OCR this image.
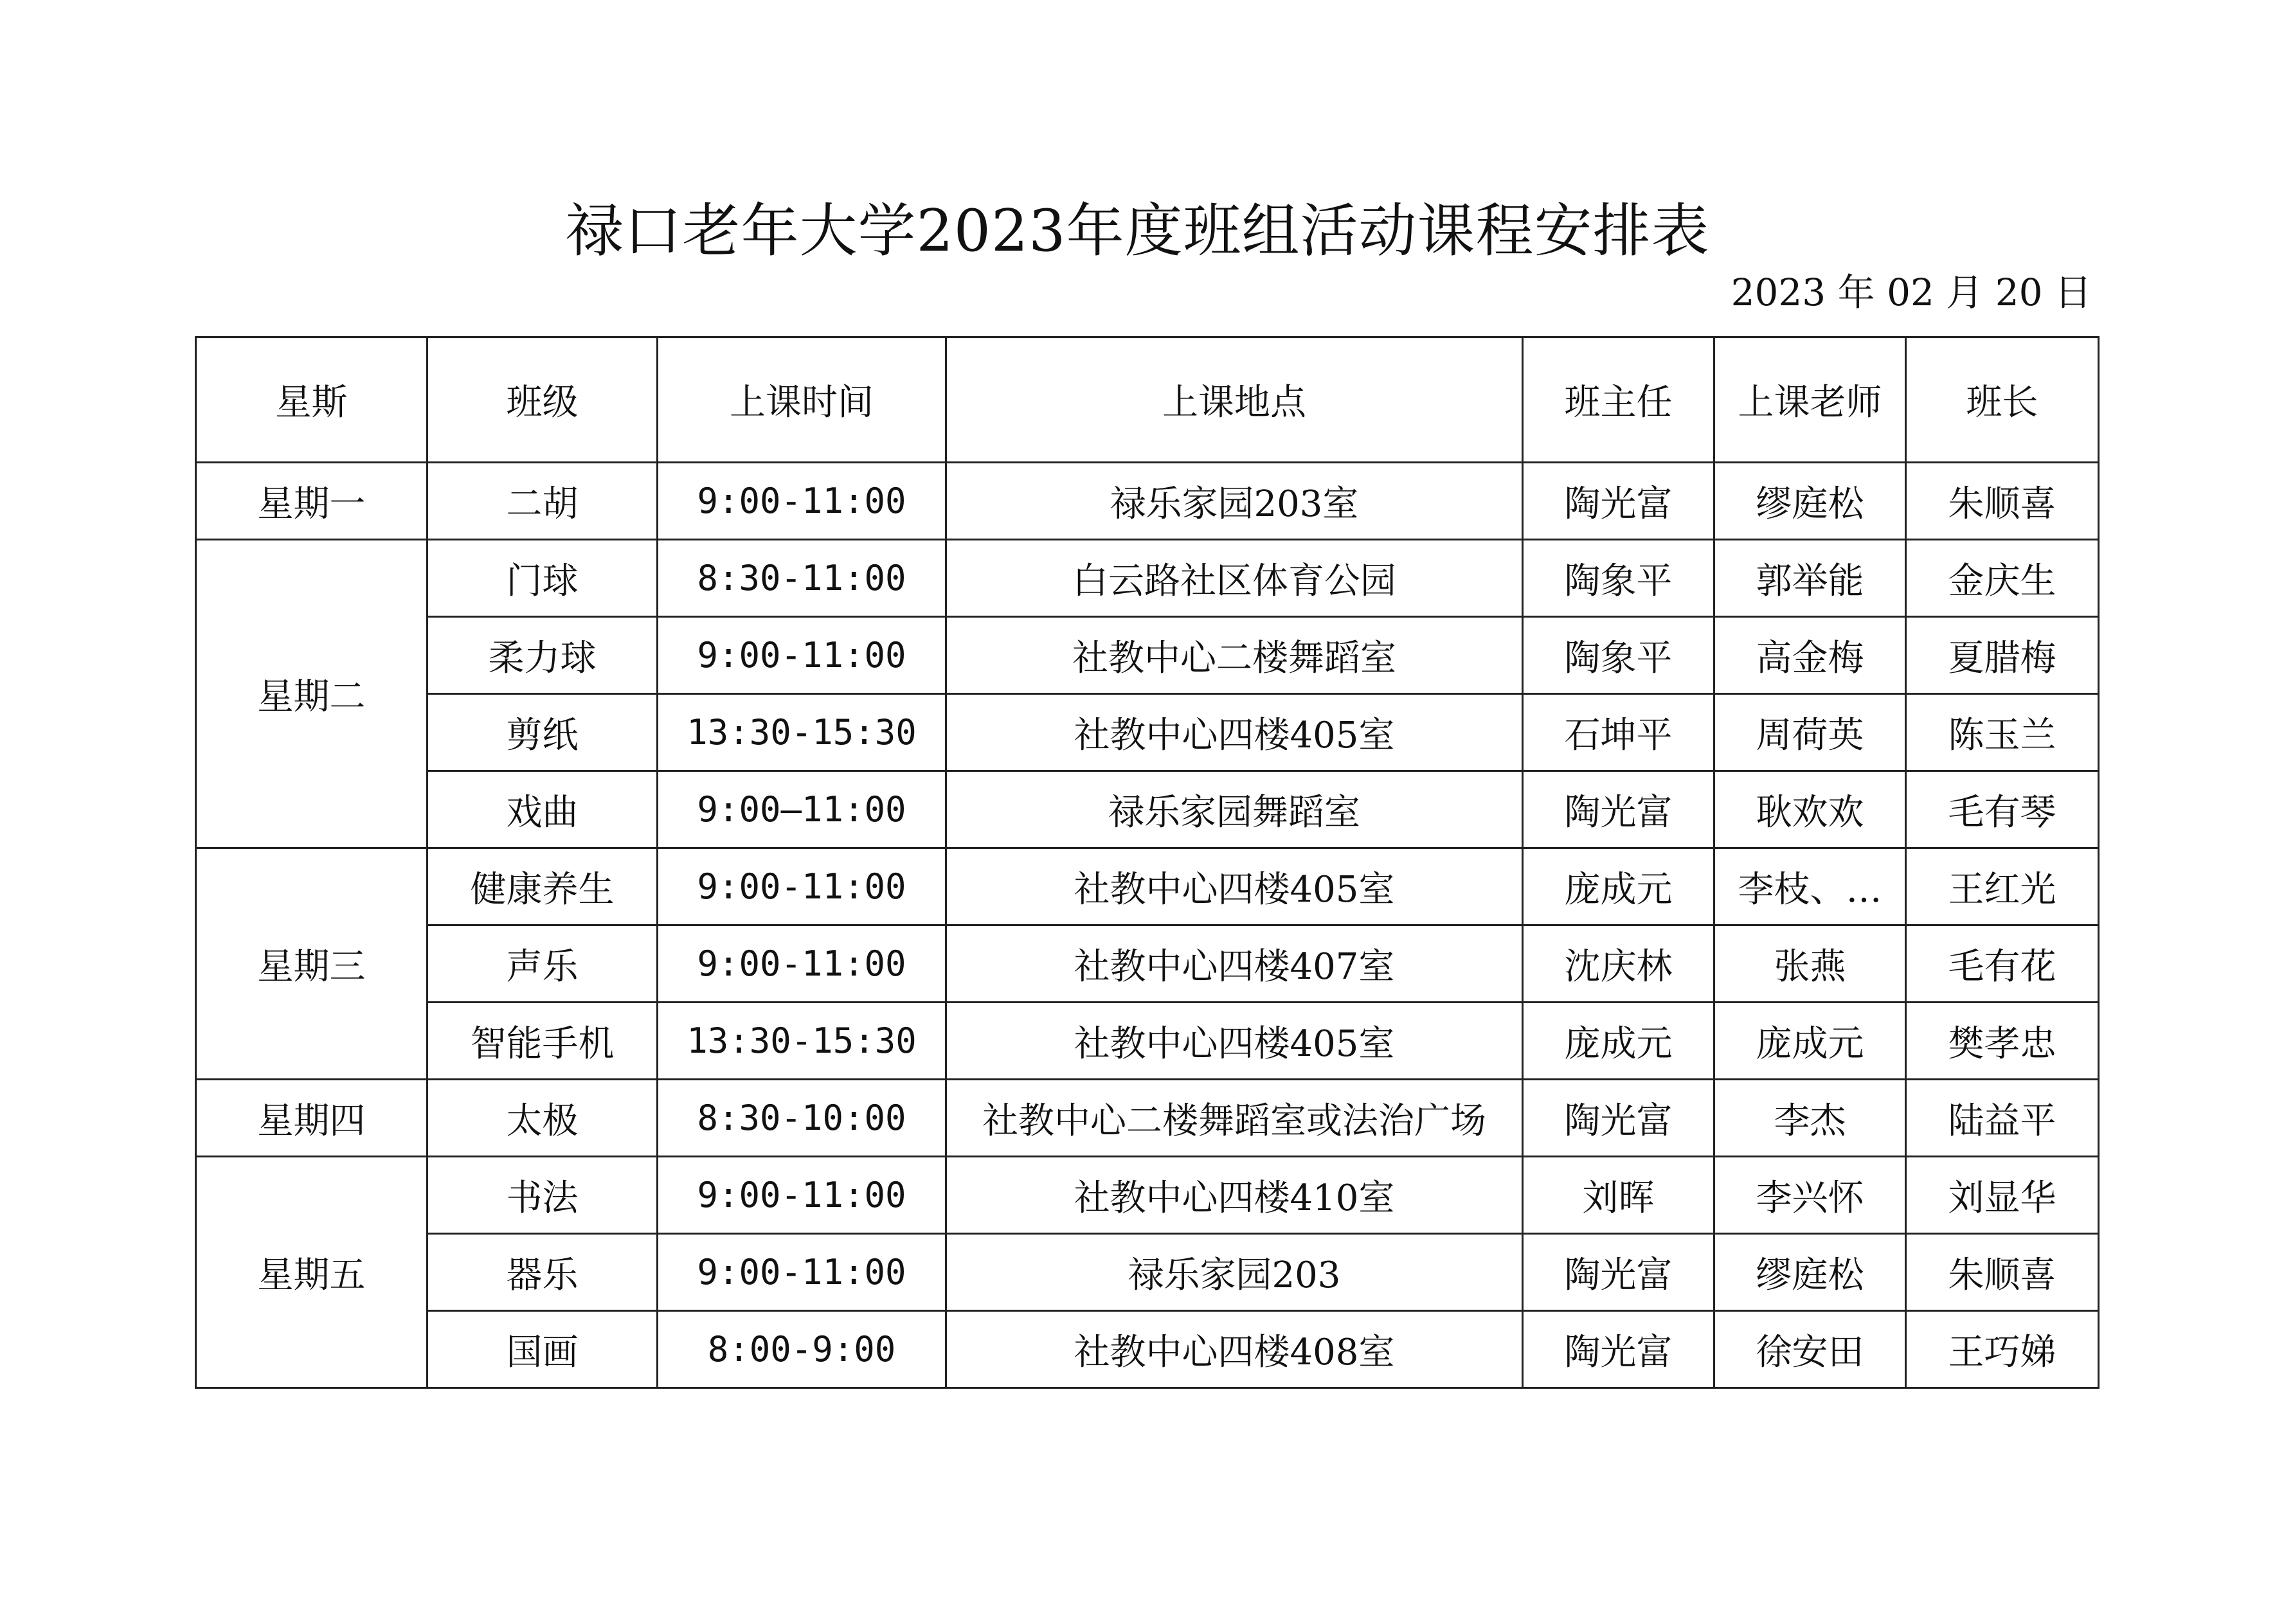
禄口老年大学2023年度班组活动课程安排表
2023 年 02 月 20 日
星斯	班级	上课时间	上课地点	班主任	上课老师	班长
星期一	二胡	9:00-11:00	禄乐家园203室	陶光富	缪庭松	朱顺喜
星期二	门球	8:30-11:00	白云路社区体育公园	陶象平	郭举能	金庆生
	柔力球	9:00-11:00	社教中心二楼舞蹈室	陶象平	高金梅	夏腊梅
	剪纸	13:30-15:30	社教中心四楼405室	石坤平	周荷英	陈玉兰
	戏曲	9:00—11:00	禄乐家园舞蹈室	陶光富	耿欢欢	毛有琴
星期三	健康养生	9:00-11:00	社教中心四楼405室	庞成元	李枝、…	王红光
	声乐	9:00-11:00	社教中心四楼407室	沈庆林	张燕	毛有花
	智能手机	13:30-15:30	社教中心四楼405室	庞成元	庞成元	樊孝忠
星期四	太极	8:30-10:00	社教中心二楼舞蹈室或法治广场	陶光富	李杰	陆益平
星期五	书法	9:00-11:00	社教中心四楼410室	刘晖	李兴怀	刘显华
	器乐	9:00-11:00	禄乐家园203	陶光富	缪庭松	朱顺喜
	国画	8:00-9:00	社教中心四楼408室	陶光富	徐安田	王巧娣
